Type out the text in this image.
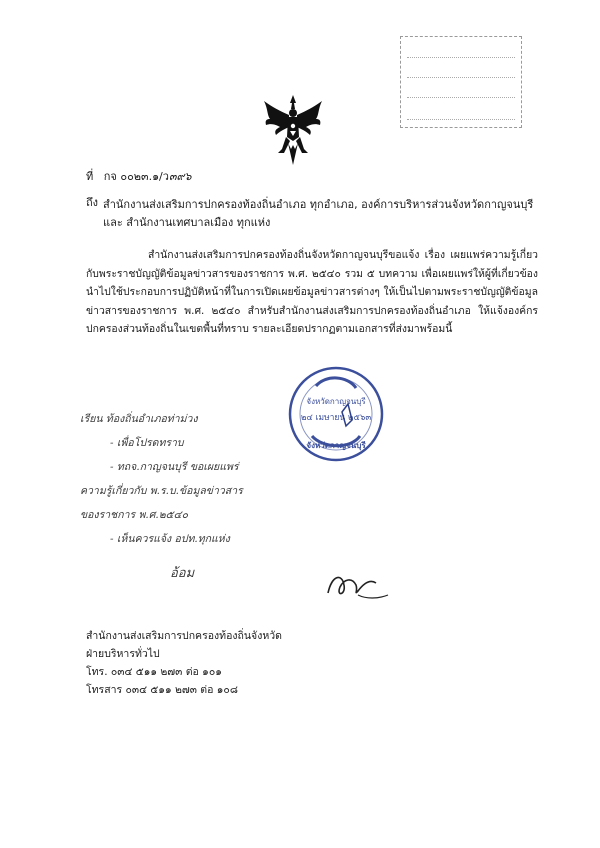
ที่ กจ ๐๐๒๓.๑/ว๓๙๖
ถึง สำนักงานส่งเสริมการปกครองท้องถิ่นอำเภอ ทุกอำเภอ, องค์การบริหารส่วนจังหวัดกาญจนบุรีและ สำนักงานเทศบาลเมือง ทุกแห่ง
สำนักงานส่งเสริมการปกครองท้องถิ่นจังหวัดกาญจนบุรีขอแจ้ง เรื่อง เผยแพร่ความรู้เกี่ยวกับพระราชบัญญัติข้อมูลข่าวสารของราชการ พ.ศ. ๒๕๔๐ รวม ๕ บทความ เพื่อเผยแพร่ให้ผู้ที่เกี่ยวข้องนำไปใช้ประกอบการปฏิบัติหน้าที่ในการเปิดเผยข้อมูลข่าวสารต่างๆ ให้เป็นไปตามพระราชบัญญัติข้อมูลข่าวสารของราชการ พ.ศ. ๒๕๔๐ สำหรับสำนักงานส่งเสริมการปกครองท้องถิ่นอำเภอ ให้แจ้งองค์กรปกครองส่วนท้องถิ่นในเขตพื้นที่ทราบ รายละเอียดปรากฏตามเอกสารที่ส่งมาพร้อมนี้
เรียน ท้องถิ่นอำเภอท่าม่วง
- เพื่อโปรดทราบ
- ทถจ.กาญจนบุรี ขอเผยแพร่
ความรู้เกี่ยวกับ พ.ร.บ.ข้อมูลข่าวสาร
ของราชการ พ.ศ.๒๕๔๐
- เห็นควรแจ้ง อปท.ทุกแห่ง
อ้อม
จังหวัดกาญจนบุรี
๒๔ เมษายน ๒๕๖๓
จังหวัดกาญจนบุรี
สำนักงานส่งเสริมการปกครองท้องถิ่นจังหวัด
ฝ่ายบริหารทั่วไป
โทร. ๐๓๔ ๕๑๑ ๒๗๓ ต่อ ๑๐๑
โทรสาร ๐๓๔ ๕๑๑ ๒๗๓ ต่อ ๑๐๘
